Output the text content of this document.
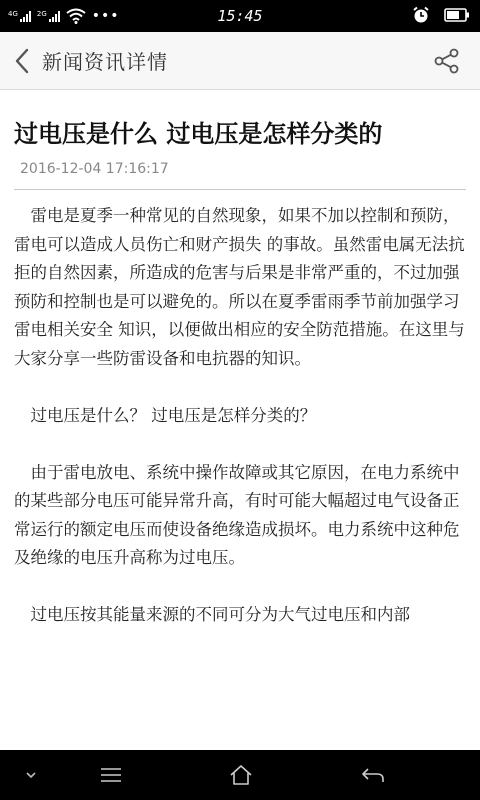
4G	2G	•••	15:45
新闻资讯详情
过电压是什么 过电压是怎样分类的
2016-12-04 17:16:17

雷电是夏季一种常见的自然现象，如果不加以控制和预防，雷电可以造成人员伤亡和财产损失 的事故。虽然雷电属无法抗拒的自然因素，所造成的危害与后果是非常严重的，不过加强预防和控制也是可以避免的。所以在夏季雷雨季节前加强学习雷电相关安全 知识，以便做出相应的安全防范措施。在这里与大家分享一些防雷设备和电抗器的知识。

过电压是什么？ 过电压是怎样分类的？

由于雷电放电、系统中操作故障或其它原因，在电力系统中的某些部分电压可能异常升高，有时可能大幅超过电气设备正常运行的额定电压而使设备绝缘造成损坏。电力系统中这种危及绝缘的电压升高称为过电压。

过电压按其能量来源的不同可分为大气过电压和内部
